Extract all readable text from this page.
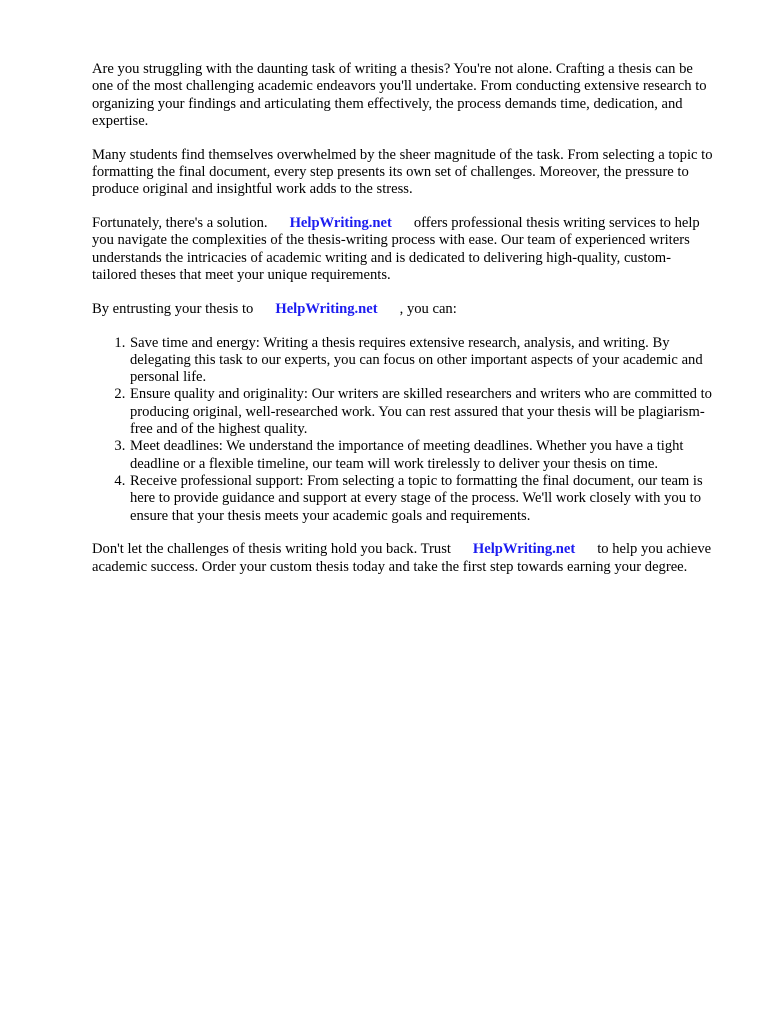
Are you struggling with the daunting task of writing a thesis? You're not alone. Crafting a thesis can be one of the most challenging academic endeavors you'll undertake. From conducting extensive research to organizing your findings and articulating them effectively, the process demands time, dedication, and expertise.

Many students find themselves overwhelmed by the sheer magnitude of the task. From selecting a topic to formatting the final document, every step presents its own set of challenges. Moreover, the pressure to produce original and insightful work adds to the stress.

Fortunately, there's a solution. HelpWriting.net offers professional thesis writing services to help you navigate the complexities of the thesis-writing process with ease. Our team of experienced writers understands the intricacies of academic writing and is dedicated to delivering high-quality, custom-tailored theses that meet your unique requirements.

By entrusting your thesis to HelpWriting.net , you can:

1. Save time and energy: Writing a thesis requires extensive research, analysis, and writing. By delegating this task to our experts, you can focus on other important aspects of your academic and personal life.
2. Ensure quality and originality: Our writers are skilled researchers and writers who are committed to producing original, well-researched work. You can rest assured that your thesis will be plagiarism-free and of the highest quality.
3. Meet deadlines: We understand the importance of meeting deadlines. Whether you have a tight deadline or a flexible timeline, our team will work tirelessly to deliver your thesis on time.
4. Receive professional support: From selecting a topic to formatting the final document, our team is here to provide guidance and support at every stage of the process. We'll work closely with you to ensure that your thesis meets your academic goals and requirements.

Don't let the challenges of thesis writing hold you back. Trust HelpWriting.net to help you achieve academic success. Order your custom thesis today and take the first step towards earning your degree.
